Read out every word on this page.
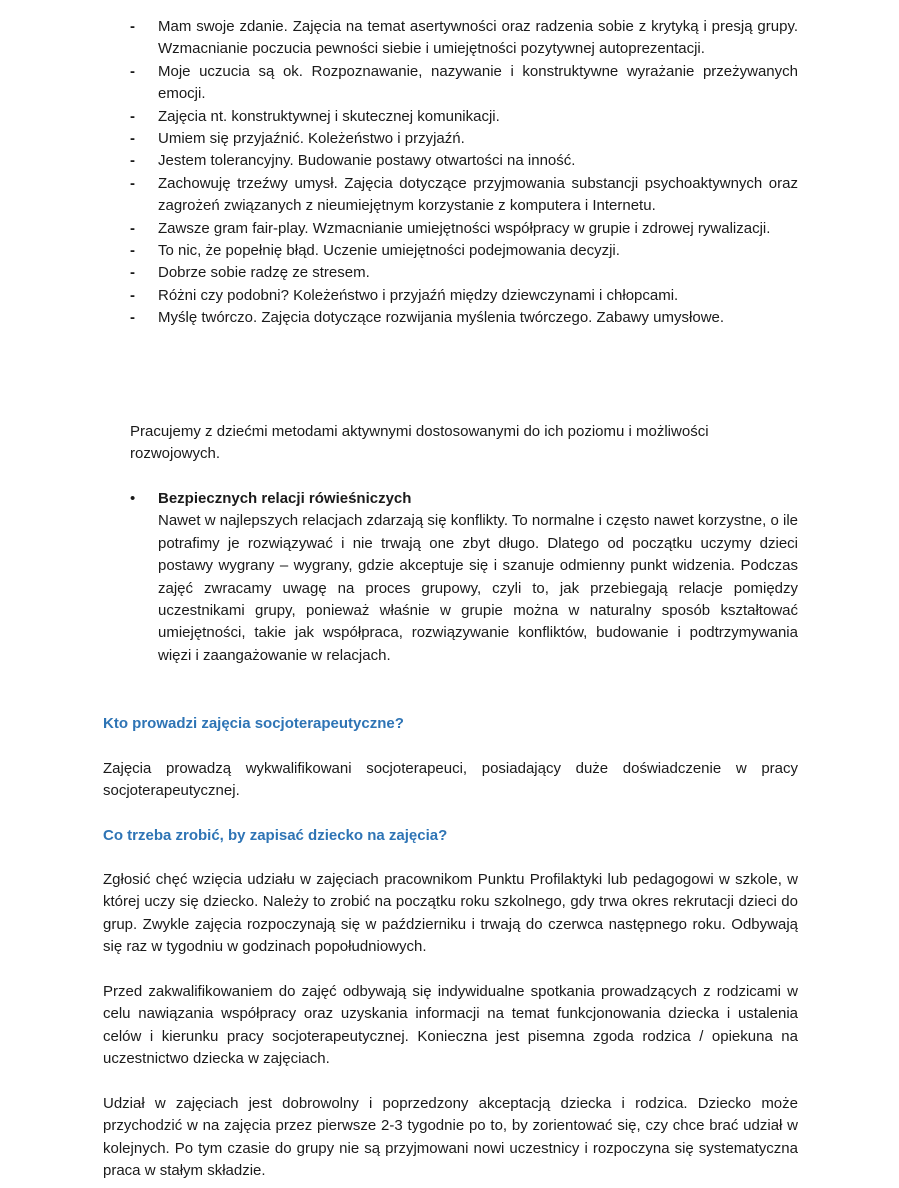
- Mam swoje zdanie. Zajęcia na temat asertywności oraz radzenia sobie z krytyką i presją grupy. Wzmacnianie poczucia pewności siebie i umiejętności pozytywnej autoprezentacji.
- Moje uczucia są ok. Rozpoznawanie, nazywanie i konstruktywne wyrażanie przeżywanych emocji.
- Zajęcia nt. konstruktywnej i skutecznej komunikacji.
- Umiem się przyjaźnić. Koleżeństwo i przyjaźń.
- Jestem tolerancyjny. Budowanie postawy otwartości na inność.
- Zachowuję trzeźwy umysł. Zajęcia dotyczące przyjmowania substancji psychoaktywnych oraz zagrożeń związanych z nieumiejętnym korzystanie z komputera i Internetu.
- Zawsze gram fair-play. Wzmacnianie umiejętności współpracy w grupie i zdrowej rywalizacji.
- To nic, że popełnię błąd. Uczenie umiejętności podejmowania decyzji.
- Dobrze sobie radzę ze stresem.
- Różni czy podobni? Koleżeństwo i przyjaźń między dziewczynami i chłopcami.
- Myślę twórczo. Zajęcia dotyczące rozwijania myślenia twórczego. Zabawy umysłowe.

Pracujemy z dziećmi metodami aktywnymi dostosowanymi do ich poziomu i możliwości rozwojowych.

• Bezpiecznych relacji rówieśniczych
Nawet w najlepszych relacjach zdarzają się konflikty. To normalne i często nawet korzystne, o ile potrafimy je rozwiązywać i nie trwają one zbyt długo. Dlatego od początku uczymy dzieci postawy wygrany – wygrany, gdzie akceptuje się i szanuje odmienny punkt widzenia. Podczas zajęć zwracamy uwagę na proces grupowy, czyli to, jak przebiegają relacje pomiędzy uczestnikami grupy, ponieważ właśnie w grupie można w naturalny sposób kształtować umiejętności, takie jak współpraca, rozwiązywanie konfliktów, budowanie i podtrzymywania więzi i zaangażowanie w relacjach.

Kto prowadzi zajęcia socjoterapeutyczne?

Zajęcia prowadzą wykwalifikowani socjoterapeuci, posiadający duże doświadczenie w pracy socjoterapeutycznej.

Co trzeba zrobić, by zapisać dziecko na zajęcia?

Zgłosić chęć wzięcia udziału w zajęciach pracownikom Punktu Profilaktyki lub pedagogowi w szkole, w której uczy się dziecko. Należy to zrobić na początku roku szkolnego, gdy trwa okres rekrutacji dzieci do grup. Zwykle zajęcia rozpoczynają się w październiku i trwają do czerwca następnego roku. Odbywają się raz w tygodniu w godzinach popołudniowych.

Przed zakwalifikowaniem do zajęć odbywają się indywidualne spotkania prowadzących z rodzicami w celu nawiązania współpracy oraz uzyskania informacji na temat funkcjonowania dziecka i ustalenia celów i kierunku pracy socjoterapeutycznej. Konieczna jest pisemna zgoda rodzica / opiekuna na uczestnictwo dziecka w zajęciach.

Udział w zajęciach jest dobrowolny i poprzedzony akceptacją dziecka i rodzica. Dziecko może przychodzić w na zajęcia przez pierwsze 2-3 tygodnie po to, by zorientować się, czy chce brać udział w kolejnych. Po tym czasie do grupy nie są przyjmowani nowi uczestnicy i rozpoczyna się systematyczna praca w stałym składzie.
